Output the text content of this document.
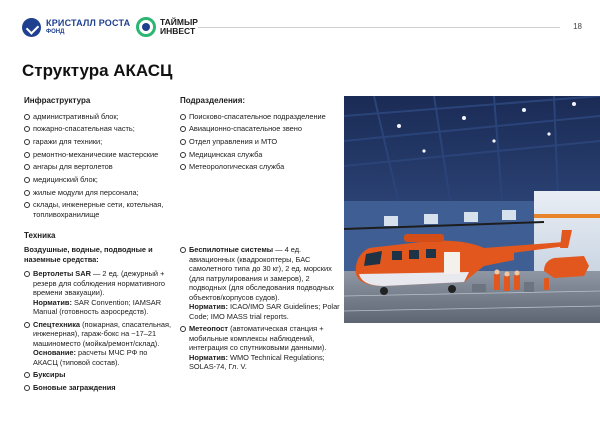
КРИСТАЛЛ РОСТА
ФОНД
ТАЙМЫР
ИНВЕСТ	18
Структура АКАСЦ
Инфраструктура
административный блок;
пожарно-спасательная часть;
гаражи для техники;
ремонтно-механические мастерские
ангары для вертолетов
медицинский блок;
жилые модули для персонала;
склады, инженерные сети, котельная, топливохранилище
Подразделения:
Поисково-спасательное подразделение
Авиационно-спасательное звено
Отдел управления и МТО
Медицинская служба
Метеорологическая служба
Техника
Воздушные, водные, подводные и наземные средства:
Вертолеты SAR — 2 ед. (дежурный + резерв для соблюдения нормативного времени эвакуации).
Норматив: SAR Convention; IAMSAR Manual (готовность аэросредств).
Спецтехника (пожарная, спасательная, инженерная), гараж-бокс на ~17–21 машиноместо (мойка/ремонт/склад).
Основание: расчеты МЧС РФ по АКАСЦ (типовой состав).
Буксиры
Боновые заграждения
Беспилотные системы — 4 ед. авиационных (квадрокоптеры, БАС самолетного типа до 30 кг), 2 ед. морских (для патрулирования и замеров), 2 подводных (для обследования подводных объектов/корпусов судов).
Норматив: ICAO/IMO SAR Guidelines; Polar Code; IMO MASS trial reports.
Метеопост (автоматическая станция + мобильные комплексы наблюдений, интеграция со спутниковыми данными).
Норматив: WMO Technical Regulations; SOLAS-74, Гл. V.
